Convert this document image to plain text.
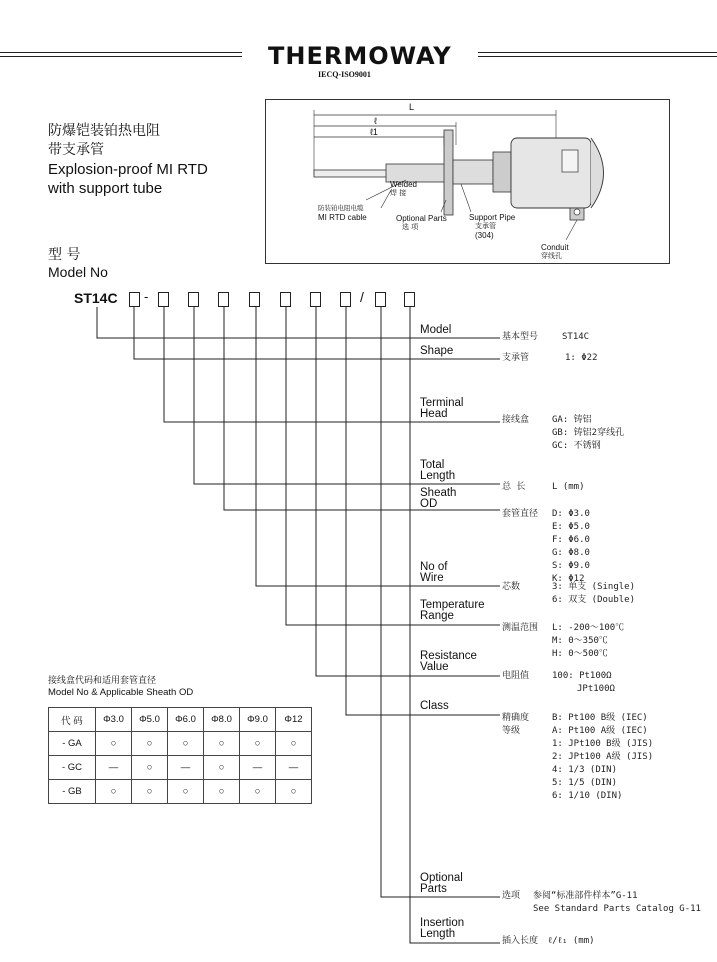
THERMOWAY
IECQ-ISO9001
防爆铠装铂热电阻
带支承管
Explosion-proof MI RTD
with support tube
L
ℓ
ℓ1
Welded
焊 接
防装铂电阻电缆
MI RTD cable	Optional Parts
选 项
Support Pipe
支承管
(304)
Conduit
穿线孔
型 号
Model No
ST14C -	/
Model
Shape
Terminal
Head
Total
Length
Sheath
OD
No of
Wire
Temperature
Range
Resistance
Value
Class
Optional
Parts
Insertion
Length
基本型号	ST14C
支承管	1: Φ22
接线盒	GA: 铸铝
GB: 铸铝2穿线孔
GC: 不锈钢
总 长	L (mm)
套管直径 D: Φ3.0
E: Φ5.0
F: Φ6.0
G: Φ8.0
S: Φ9.0
K: Φ12
芯数	3: 单支 (Single)
6: 双支 (Double)
测温范围 L: -200～100℃
M: 0～350℃
H: 0～500℃
电阻值	100: Pt100Ω
JPt100Ω
精确度
等级
B: Pt100 B级 (IEC)
A: Pt100 A级 (IEC)
1: JPt100 B级 (JIS)
2: JPt100 A级 (JIS)
4: 1/3 (DIN)
5: 1/5 (DIN)
6: 1/10 (DIN)
选项 参阅“标准部件样本”G-11
See Standard Parts Catalog G-11
插入长度 ℓ/ℓ₁ (mm)
接线盒代码和适用套管直径
Model No & Applicable Sheath OD
代 码	Φ3.0	Φ5.0	Φ6.0	Φ8.0	Φ9.0	Φ12
- GA	○	○	○	○	○	○
- GC	—	○	—	○	—	—
- GB	○	○	○	○	○	○
